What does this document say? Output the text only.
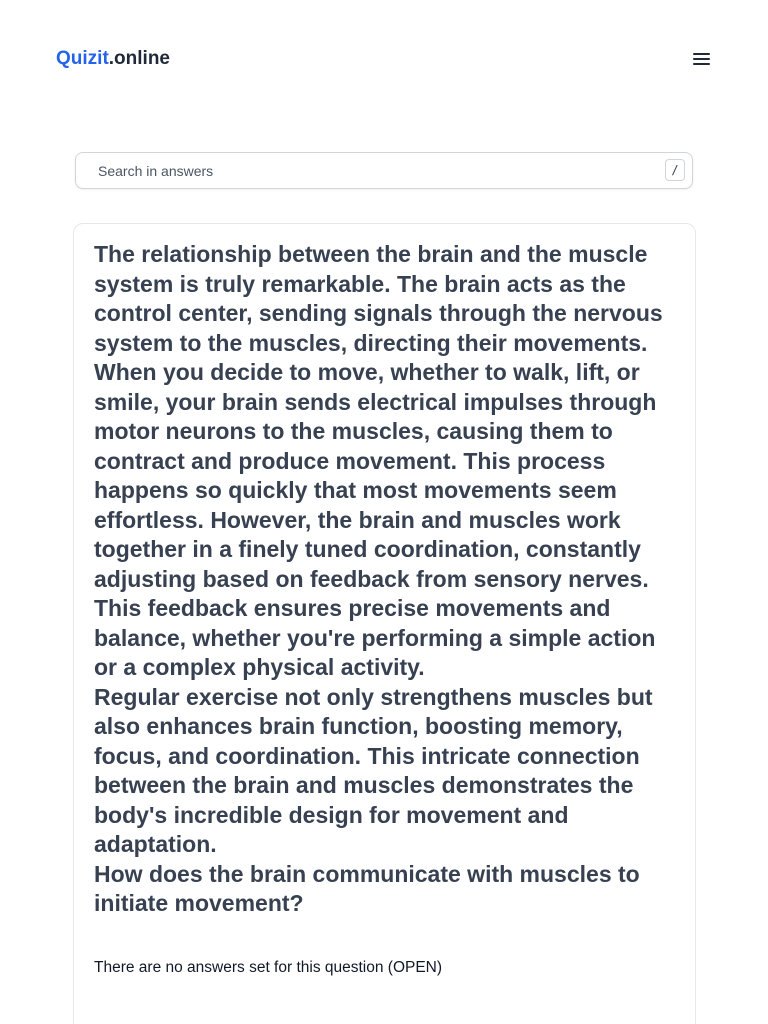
Quizit.online
Search in answers
/
The relationship between the brain and the muscle system is truly remarkable. The brain acts as the control center, sending signals through the nervous system to the muscles, directing their movements. When you decide to move, whether to walk, lift, or smile, your brain sends electrical impulses through motor neurons to the muscles, causing them to contract and produce movement. This process happens so quickly that most movements seem effortless. However, the brain and muscles work together in a finely tuned coordination, constantly adjusting based on feedback from sensory nerves. This feedback ensures precise movements and balance, whether you're performing a simple action or a complex physical activity.
Regular exercise not only strengthens muscles but also enhances brain function, boosting memory, focus, and coordination. This intricate connection between the brain and muscles demonstrates the body's incredible design for movement and adaptation.
How does the brain communicate with muscles to initiate movement?
There are no answers set for this question (OPEN)
